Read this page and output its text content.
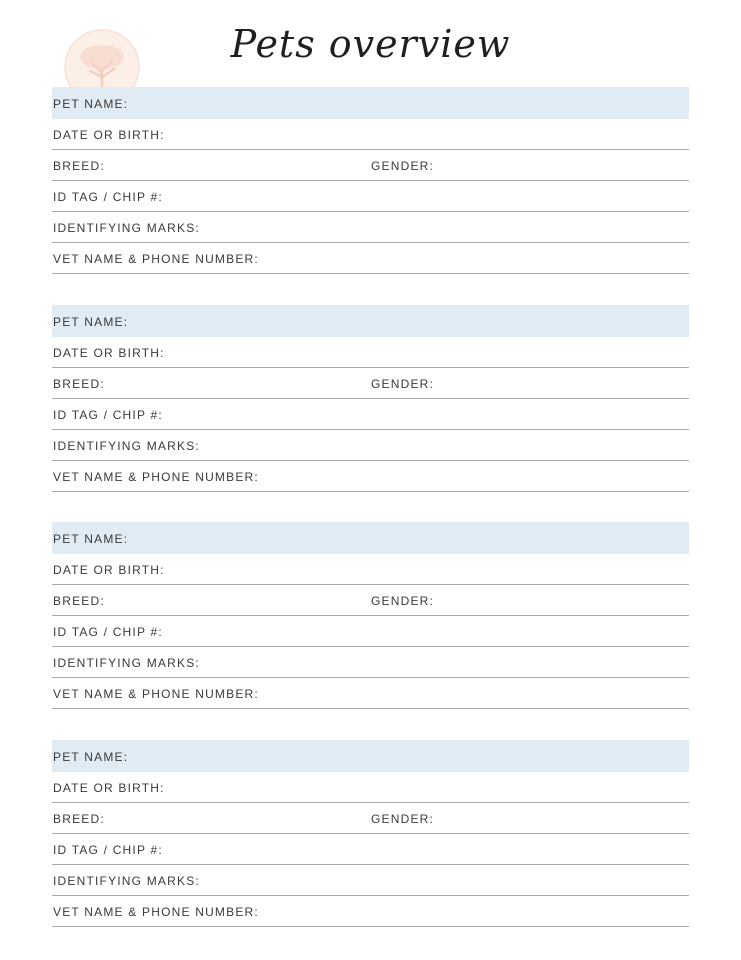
Pets overview
PET NAME:
DATE OR BIRTH:
BREED:	GENDER:
ID TAG / CHIP #:
IDENTIFYING MARKS:
VET NAME & PHONE NUMBER:
PET NAME:
DATE OR BIRTH:
BREED:	GENDER:
ID TAG / CHIP #:
IDENTIFYING MARKS:
VET NAME & PHONE NUMBER:
PET NAME:
DATE OR BIRTH:
BREED:	GENDER:
ID TAG / CHIP #:
IDENTIFYING MARKS:
VET NAME & PHONE NUMBER:
PET NAME:
DATE OR BIRTH:
BREED:	GENDER:
ID TAG / CHIP #:
IDENTIFYING MARKS:
VET NAME & PHONE NUMBER:
